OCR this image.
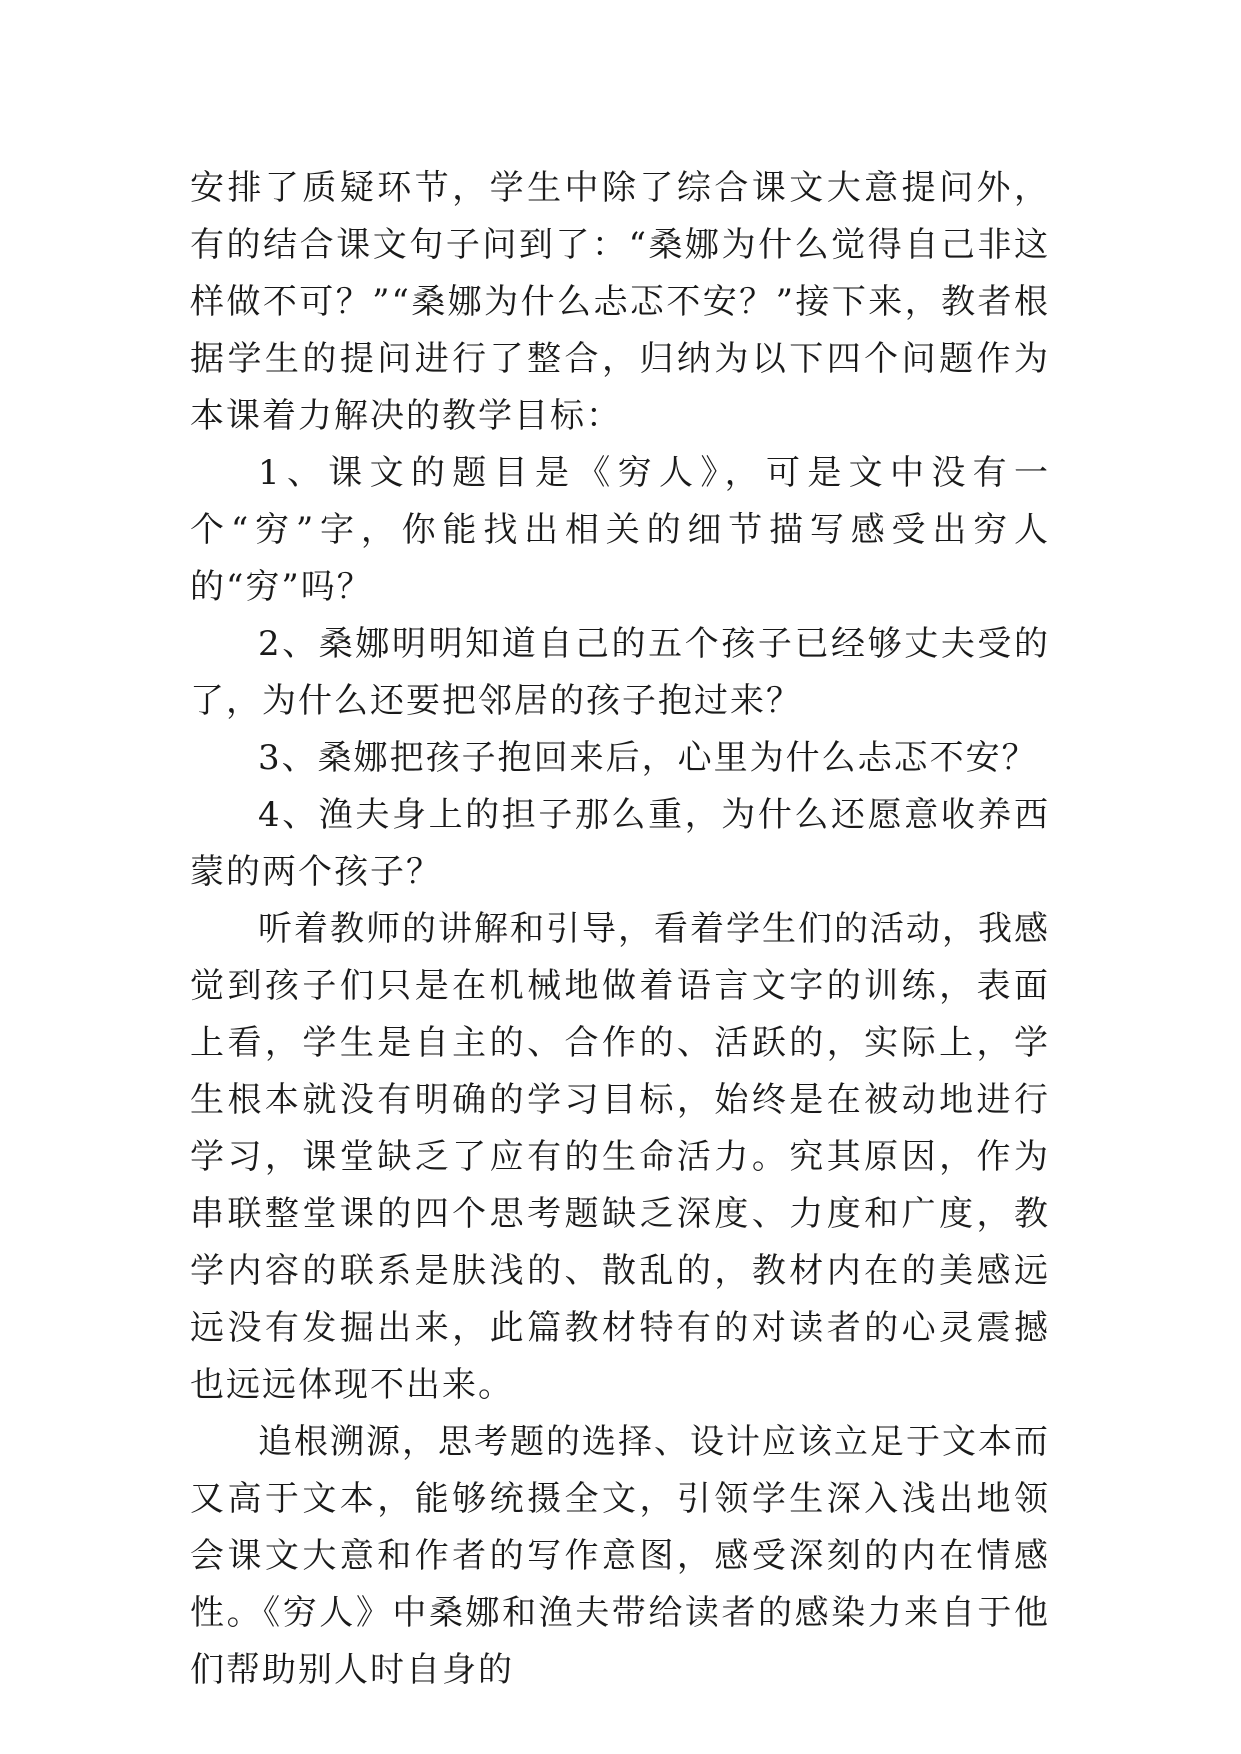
安排了质疑环节，学生中除了综合课文大意提问外，有的结合课文句子问到了：“桑娜为什么觉得自己非这样做不可？”“桑娜为什么忐忑不安？”接下来，教者根据学生的提问进行了整合，归纳为以下四个问题作为本课着力解决的教学目标：

1、课文的题目是《穷人》，可是文中没有一个“穷”字，你能找出相关的细节描写感受出穷人的“穷”吗？

2、桑娜明明知道自己的五个孩子已经够丈夫受的了，为什么还要把邻居的孩子抱过来？

3、桑娜把孩子抱回来后，心里为什么忐忑不安？

4、渔夫身上的担子那么重，为什么还愿意收养西蒙的两个孩子？

听着教师的讲解和引导，看着学生们的活动，我感觉到孩子们只是在机械地做着语言文字的训练，表面上看，学生是自主的、合作的、活跃的，实际上，学生根本就没有明确的学习目标，始终是在被动地进行学习，课堂缺乏了应有的生命活力。究其原因，作为串联整堂课的四个思考题缺乏深度、力度和广度，教学内容的联系是肤浅的、散乱的，教材内在的美感远远没有发掘出来，此篇教材特有的对读者的心灵震撼也远远体现不出来。

追根溯源，思考题的选择、设计应该立足于文本而又高于文本，能够统摄全文，引领学生深入浅出地领会课文大意和作者的写作意图，感受深刻的内在情感性。《穷人》中桑娜和渔夫带给读者的感染力来自于他们帮助别人时自身的
